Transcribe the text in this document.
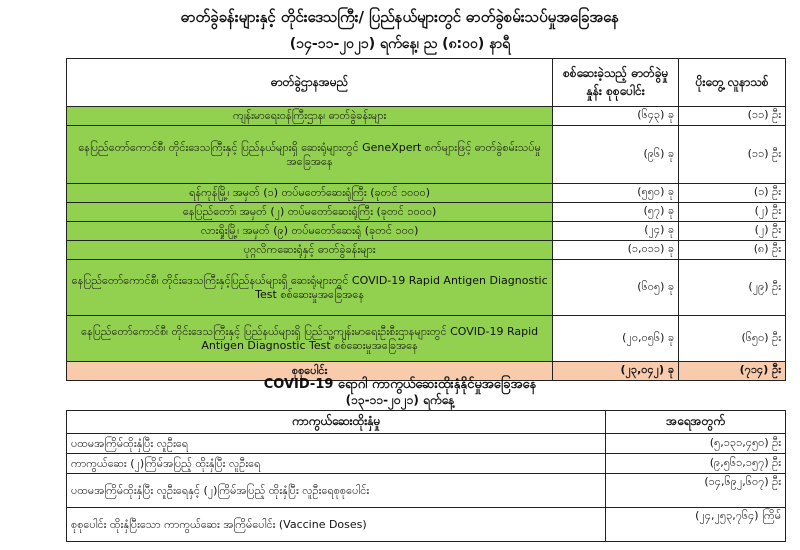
ဓာတ်ခွဲခန်းများနှင့် တိုင်းဒေသကြီး/ ပြည်နယ်များတွင် ဓာတ်ခွဲစမ်းသပ်မှုအခြေအနေ
(၁၄-၁၁-၂၀၂၁) ရက်နေ့၊ ည (၈:၀၀) နာရီ
ဓာတ်ခွဲဌာနအမည်	စစ်ဆေးခဲ့သည့် ဓာတ်ခွဲမှုနှုန်း စုစုပေါင်း	ပိုးတွေ့ လူနာသစ်
ကျန်းမာရေးဝန်ကြီးဌာန၊ ဓာတ်ခွဲခန်းများ	(၆၄၃) ခု	(၁၁) ဦး
နေပြည်တော်ကောင်စီ၊ တိုင်းဒေသကြီးနှင့် ပြည်နယ်များရှိ ဆေးရုံများတွင် GeneXpert စက်များဖြင့် ဓာတ်ခွဲစမ်းသပ်မှုအခြေအနေ	(၉၆) ခု	(၁၁) ဦး
ရန်ကုန်မြို့၊ အမှတ် (၁) တပ်မတော်ဆေးရုံကြီး (ခုတင် ၁၀၀၀)	(၅၅၀) ခု	(၁) ဦး
နေပြည်တော်၊ အမှတ် (၂) တပ်မတော်ဆေးရုံကြီး (ခုတင် ၁၀၀၀)	(၅၇) ခု	(၂) ဦး
လားရှိုးမြို့၊ အမှတ် (၉) တပ်မတော်ဆေးရုံ (ခုတင် ၁၀၀)	(၂၄) ခု	(၂) ဦး
ပုဂ္ဂလိကဆေးရုံနှင့် ဓာတ်ခွဲခန်းများ	(၁,၀၁၁) ခု	(၈) ဦး
နေပြည်တော်ကောင်စီ၊ တိုင်းဒေသကြီးနှင့်ပြည်နယ်များရှိ ဆေးရုံများတွင် COVID-19 Rapid Antigen Diagnostic Test စစ်ဆေးမှုအခြေအနေ	(၆၀၅) ခု	(၂၉) ဦး
နေပြည်တော်ကောင်စီ၊ တိုင်းဒေသကြီးနှင့် ပြည်နယ်များရှိ ပြည်သူ့ကျန်းမာရေးဦးစီးဌာနများတွင် COVID-19 Rapid Antigen Diagnostic Test စစ်ဆေးမှုအခြေအနေ	(၂၀,၀၅၆) ခု	(၆၅၀) ဦး
စုစုပေါင်း	(၂၃,၀၄၂) ခု	(၇၁၄) ဦး
COVID-19 ရောဂါ ကာကွယ်ဆေးထိုးနှံနိုင်မှုအခြေအနေ
(၁၃-၁၁-၂၀၂၁) ရက်နေ့
ကာကွယ်ဆေးထိုးနှံမှု	အရေအတွက်
ပထမအကြိမ်ထိုးနှံပြီး လူဦးရေ	(၅,၁၃၁,၄၅၀) ဦး
ကာကွယ်ဆေး (၂)ကြိမ်အပြည့် ထိုးနှံပြီး လူဦးရေ	(၉,၅၆၁,၁၅၇) ဦး
ပထမအကြိမ်ထိုးနှံပြီး လူဦးရေနှင့် (၂)ကြိမ်အပြည့် ထိုးနှံပြီး လူဦးရေစုစုပေါင်း	(၁၄,၆၉၂,၆၀၇) ဦး
စုစုပေါင်း ထိုးနှံပြီးသော ကာကွယ်ဆေး အကြိမ်ပေါင်း (Vaccine Doses)	(၂၄,၂၅၃,၇၆၄) ကြိမ်
